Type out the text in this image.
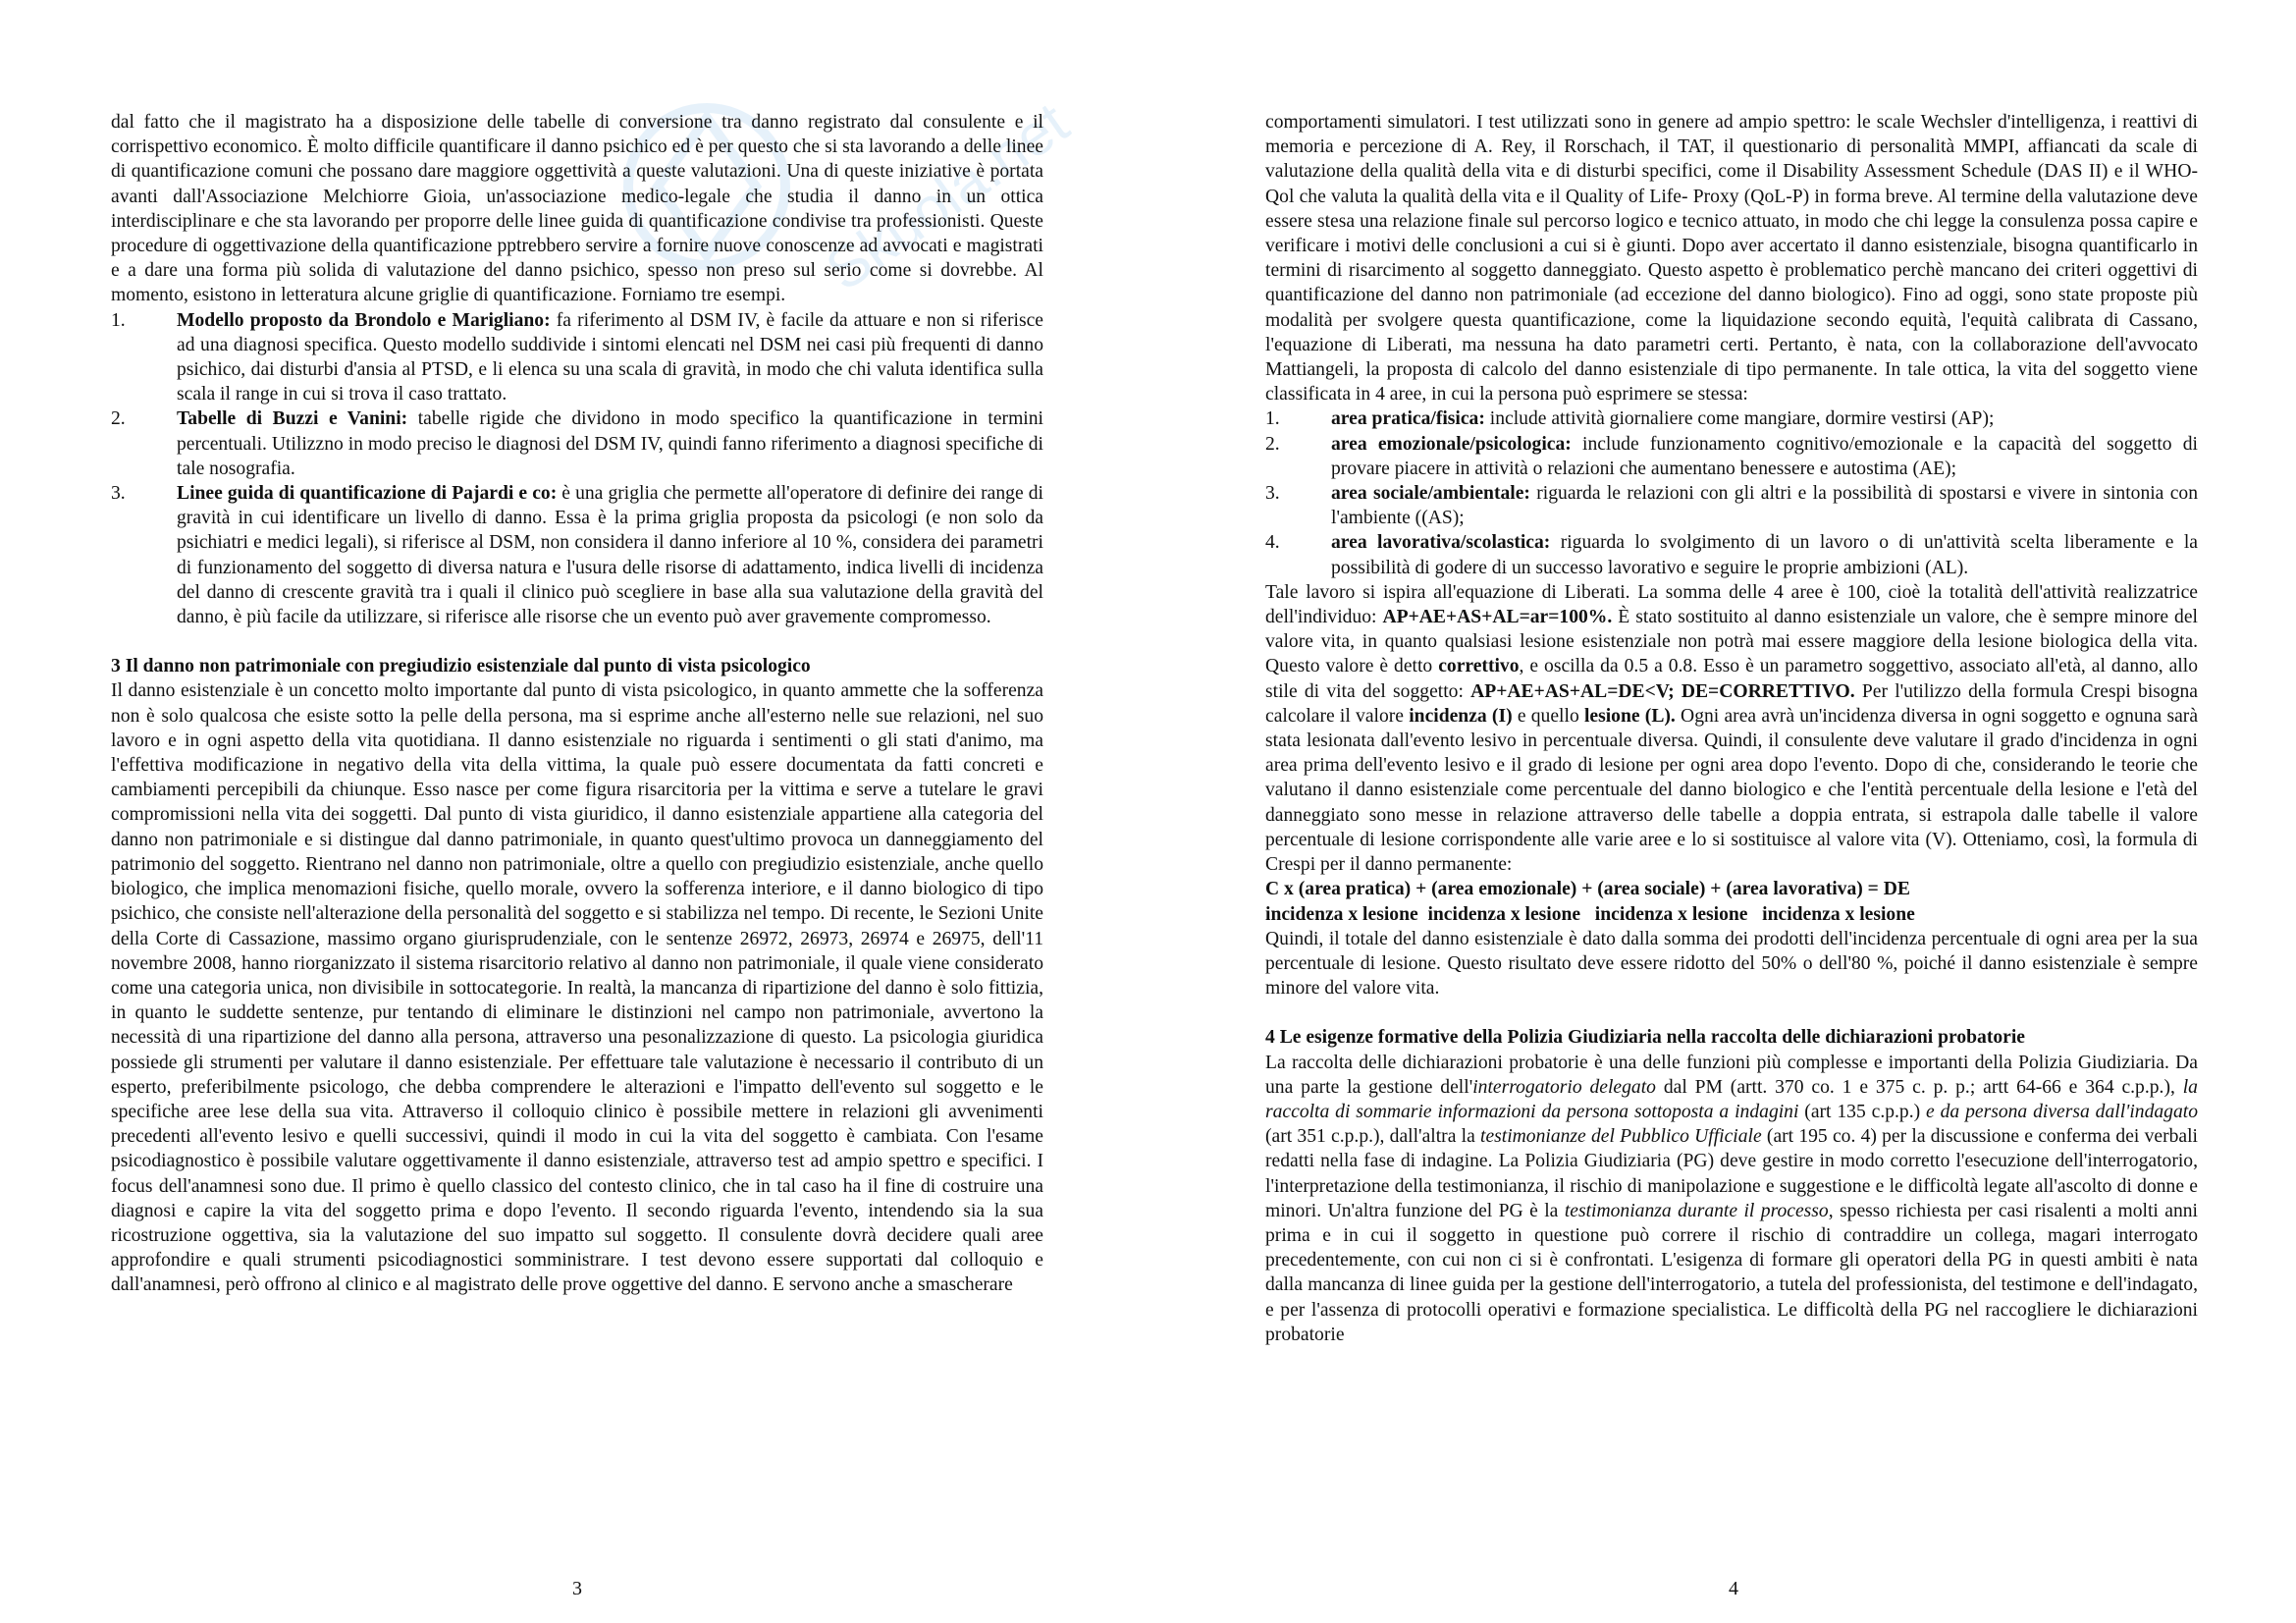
Skuola.net

dal fatto che il magistrato ha a disposizione delle tabelle di conversione tra danno registrato dal consulente e il corrispettivo economico. È molto difficile quantificare il danno psichico ed è per questo che si sta lavorando a delle linee di quantificazione comuni che possano dare maggiore oggettività a queste valutazioni. Una di queste iniziative è portata avanti dall'Associazione Melchiorre Gioia, un'associazione medico-legale che studia il danno in un ottica interdisciplinare e che sta lavorando per proporre delle linee guida di quantificazione condivise tra professionisti. Queste procedure di oggettivazione della quantificazione pptrebbero servire a fornire nuove conoscenze ad avvocati e magistrati e a dare una forma più solida di valutazione del danno psichico, spesso non preso sul serio come si dovrebbe. Al momento, esistono in letteratura alcune griglie di quantificazione. Forniamo tre esempi.

1.	Modello proposto da Brondolo e Marigliano: fa riferimento al DSM IV, è facile da attuare e non si riferisce ad una diagnosi specifica. Questo modello suddivide i sintomi elencati nel DSM nei casi più frequenti di danno psichico, dai disturbi d'ansia al PTSD, e li elenca su una scala di gravità, in modo che chi valuta identifica sulla scala il range in cui si trova il caso trattato.
2.	Tabelle di Buzzi e Vanini: tabelle rigide che dividono in modo specifico la quantificazione in termini percentuali. Utilizzno in modo preciso le diagnosi del DSM IV, quindi fanno riferimento a diagnosi specifiche di tale nosografia.
3.	Linee guida di quantificazione di Pajardi e co: è una griglia che permette all'operatore di definire dei range di gravità in cui identificare un livello di danno. Essa è la prima griglia proposta da psicologi (e non solo da psichiatri e medici legali), si riferisce al DSM, non considera il danno inferiore al 10 %, considera dei parametri di funzionamento del soggetto di diversa natura e l'usura delle risorse di adattamento, indica livelli di incidenza del danno di crescente gravità tra i quali il clinico può scegliere in base alla sua valutazione della gravità del danno, è più facile da utilizzare, si riferisce alle risorse che un evento può aver gravemente compromesso.

3 Il danno non patrimoniale con pregiudizio esistenziale dal punto di vista psicologico

Il danno esistenziale è un concetto molto importante dal punto di vista psicologico, in quanto ammette che la sofferenza non è solo qualcosa che esiste sotto la pelle della persona, ma si esprime anche all'esterno nelle sue relazioni, nel suo lavoro e in ogni aspetto della vita quotidiana. Il danno esistenziale no riguarda i sentimenti o gli stati d'animo, ma l'effettiva modificazione in negativo della vita della vittima, la quale può essere documentata da fatti concreti e cambiamenti percepibili da chiunque. Esso nasce per come figura risarcitoria per la vittima e serve a tutelare le gravi compromissioni nella vita dei soggetti. Dal punto di vista giuridico, il danno esistenziale appartiene alla categoria del danno non patrimoniale e si distingue dal danno patrimoniale, in quanto quest'ultimo provoca un danneggiamento del patrimonio del soggetto. Rientrano nel danno non patrimoniale, oltre a quello con pregiudizio esistenziale, anche quello biologico, che implica menomazioni fisiche, quello morale, ovvero la sofferenza interiore, e il danno biologico di tipo psichico, che consiste nell'alterazione della personalità del soggetto e si stabilizza nel tempo. Di recente, le Sezioni Unite della Corte di Cassazione, massimo organo giurisprudenziale, con le sentenze 26972, 26973, 26974 e 26975, dell'11 novembre 2008, hanno riorganizzato il sistema risarcitorio relativo al danno non patrimoniale, il quale viene considerato come una categoria unica, non divisibile in sottocategorie. In realtà, la mancanza di ripartizione del danno è solo fittizia, in quanto le suddette sentenze, pur tentando di eliminare le distinzioni nel campo non patrimoniale, avvertono la necessità di una ripartizione del danno alla persona, attraverso una pesonalizzazione di questo. La psicologia giuridica possiede gli strumenti per valutare il danno esistenziale. Per effettuare tale valutazione è necessario il contributo di un esperto, preferibilmente psicologo, che debba comprendere le alterazioni e l'impatto dell'evento sul soggetto e le specifiche aree lese della sua vita. Attraverso il colloquio clinico è possibile mettere in relazioni gli avvenimenti precedenti all'evento lesivo e quelli successivi, quindi il modo in cui la vita del soggetto è cambiata. Con l'esame psicodiagnostico è possibile valutare oggettivamente il danno esistenziale, attraverso test ad ampio spettro e specifici. I focus dell'anamnesi sono due. Il primo è quello classico del contesto clinico, che in tal caso ha il fine di costruire una diagnosi e capire la vita del soggetto prima e dopo l'evento. Il secondo riguarda l'evento, intendendo sia la sua ricostruzione oggettiva, sia la valutazione del suo impatto sul soggetto. Il consulente dovrà decidere quali aree approfondire e quali strumenti psicodiagnostici somministrare. I test devono essere supportati dal colloquio e dall'anamnesi, però offrono al clinico e al magistrato delle prove oggettive del danno. E servono anche a smascherare

3

comportamenti simulatori. I test utilizzati sono in genere ad ampio spettro: le scale Wechsler d'intelligenza, i reattivi di memoria e percezione di A. Rey, il Rorschach, il TAT, il questionario di personalità MMPI, affiancati da scale di valutazione della qualità della vita e di disturbi specifici, come il Disability Assessment Schedule (DAS II) e il WHO-Qol che valuta la qualità della vita e il Quality of Life- Proxy (QoL-P) in forma breve. Al termine della valutazione deve essere stesa una relazione finale sul percorso logico e tecnico attuato, in modo che chi legge la consulenza possa capire e verificare i motivi delle conclusioni a cui si è giunti. Dopo aver accertato il danno esistenziale, bisogna quantificarlo in termini di risarcimento al soggetto danneggiato. Questo aspetto è problematico perchè mancano dei criteri oggettivi di quantificazione del danno non patrimoniale (ad eccezione del danno biologico). Fino ad oggi, sono state proposte più modalità per svolgere questa quantificazione, come la liquidazione secondo equità, l'equità calibrata di Cassano, l'equazione di Liberati, ma nessuna ha dato parametri certi. Pertanto, è nata, con la collaborazione dell'avvocato Mattiangeli, la proposta di calcolo del danno esistenziale di tipo permanente. In tale ottica, la vita del soggetto viene classificata in 4 aree, in cui la persona può esprimere se stessa:

1.	area pratica/fisica: include attività giornaliere come mangiare, dormire vestirsi (AP);
2.	area emozionale/psicologica: include funzionamento cognitivo/emozionale e la capacità del soggetto di provare piacere in attività o relazioni che aumentano benessere e autostima (AE);
3.	area sociale/ambientale: riguarda le relazioni con gli altri e la possibilità di spostarsi e vivere in sintonia con l'ambiente ((AS);
4.	area lavorativa/scolastica: riguarda lo svolgimento di un lavoro o di un'attività scelta liberamente e la possibilità di godere di un successo lavorativo e seguire le proprie ambizioni (AL).

Tale lavoro si ispira all'equazione di Liberati. La somma delle 4 aree è 100, cioè la totalità dell'attività realizzatrice dell'individuo: AP+AE+AS+AL=ar=100%. È stato sostituito al danno esistenziale un valore, che è sempre minore del valore vita, in quanto qualsiasi lesione esistenziale non potrà mai essere maggiore della lesione biologica della vita. Questo valore è detto correttivo, e oscilla da 0.5 a 0.8. Esso è un parametro soggettivo, associato all'età, al danno, allo stile di vita del soggetto: AP+AE+AS+AL=DE<V; DE=CORRETTIVO. Per l'utilizzo della formula Crespi bisogna calcolare il valore incidenza (I) e quello lesione (L). Ogni area avrà un'incidenza diversa in ogni soggetto e ognuna sarà stata lesionata dall'evento lesivo in percentuale diversa. Quindi, il consulente deve valutare il grado d'incidenza in ogni area prima dell'evento lesivo e il grado di lesione per ogni area dopo l'evento. Dopo di che, considerando le teorie che valutano il danno esistenziale come percentuale del danno biologico e che l'entità percentuale della lesione e l'età del danneggiato sono messe in relazione attraverso delle tabelle a doppia entrata, si estrapola dalle tabelle il valore percentuale di lesione corrispondente alle varie aree e lo si sostituisce al valore vita (V). Otteniamo, così, la formula di Crespi per il danno permanente:

C x (area pratica) + (area emozionale) + (area sociale) + (area lavorativa) = DE

incidenza x lesione  incidenza x lesione   incidenza x lesione   incidenza x lesione

Quindi, il totale del danno esistenziale è dato dalla somma dei prodotti dell'incidenza percentuale di ogni area per la sua percentuale di lesione. Questo risultato deve essere ridotto del 50% o dell'80 %, poiché il danno esistenziale è sempre minore del valore vita.

4 Le esigenze formative della Polizia Giudiziaria nella raccolta delle dichiarazioni probatorie

La raccolta delle dichiarazioni probatorie è una delle funzioni più complesse e importanti della Polizia Giudiziaria. Da una parte la gestione dell'interrogatorio delegato dal PM (artt. 370 co. 1 e 375 c. p. p.; artt 64-66 e 364 c.p.p.), la raccolta di sommarie informazioni da persona sottoposta a indagini (art 135 c.p.p.) e da persona diversa dall'indagato (art 351 c.p.p.), dall'altra la testimonianze del Pubblico Ufficiale (art 195 co. 4) per la discussione e conferma dei verbali redatti nella fase di indagine. La Polizia Giudiziaria (PG) deve gestire in modo corretto l'esecuzione dell'interrogatorio, l'interpretazione della testimonianza, il rischio di manipolazione e suggestione e le difficoltà legate all'ascolto di donne e minori. Un'altra funzione del PG è la testimonianza durante il processo, spesso richiesta per casi risalenti a molti anni prima e in cui il soggetto in questione può correre il rischio di contraddire un collega, magari interrogato precedentemente, con cui non ci si è confrontati. L'esigenza di formare gli operatori della PG in questi ambiti è nata dalla mancanza di linee guida per la gestione dell'interrogatorio, a tutela del professionista, del testimone e dell'indagato, e per l'assenza di protocolli operativi e formazione specialistica. Le difficoltà della PG nel raccogliere le dichiarazioni probatorie

4
